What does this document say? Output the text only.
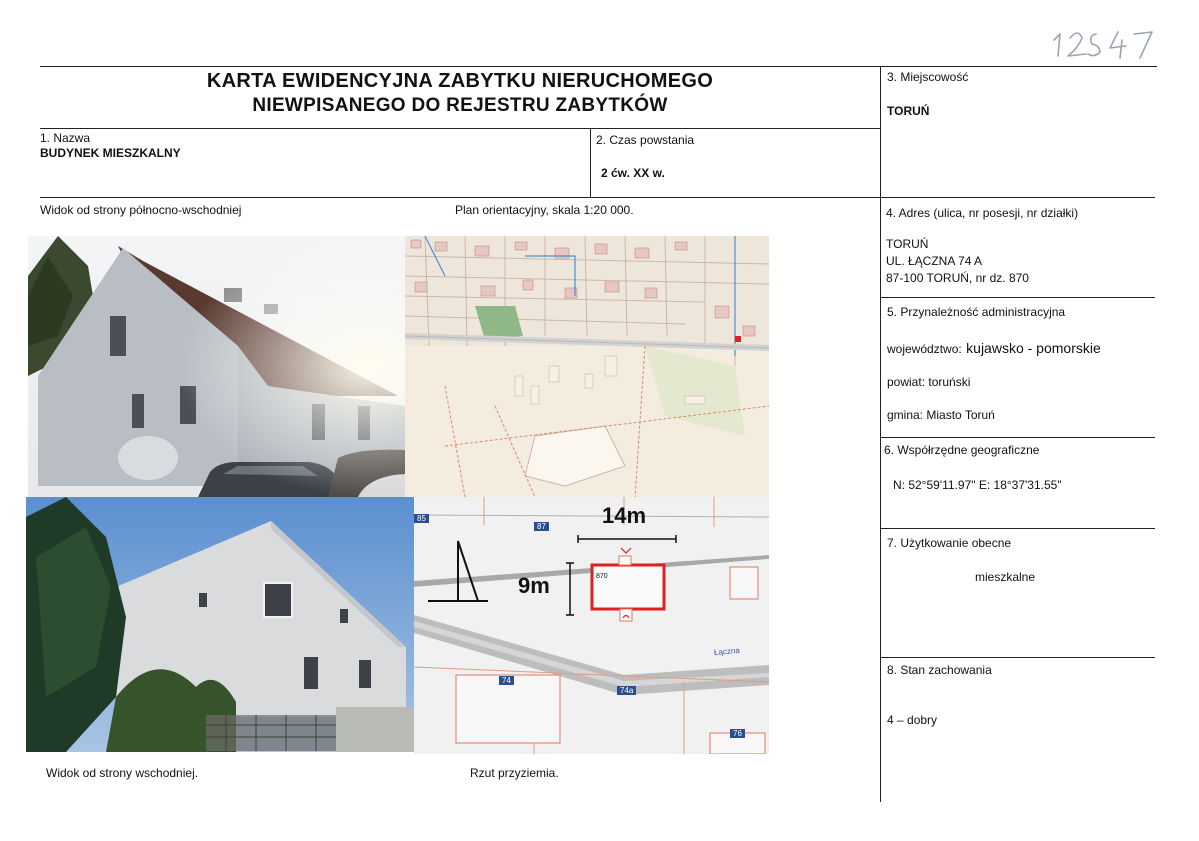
KARTA EWIDENCYJNA ZABYTKU NIERUCHOMEGO
NIEWPISANEGO DO REJESTRU ZABYTKÓW
3. Miejscowość
TORUŃ
1. Nazwa
BUDYNEK MIESZKALNY
2. Czas powstania
2 ćw. XX w.
Widok od strony północno-wschodniej	Plan orientacyjny, skala 1:20 000.	4. Adres (ulica, nr posesji, nr działki)
TORUŃ
UL. ŁĄCZNA 74 A
87-100 TORUŃ, nr dz. 870
5. Przynależność administracyjna
województwo: kujawsko - pomorskie
powiat: toruński
gmina: Miasto Toruń
6. Współrzędne geograficzne
N: 52°59'11.97" E: 18°37'31.55"
7. Użytkowanie obecne
mieszkalne
8. Stan zachowania
4 – dobry
14m
9m	870
Łączna
85
87
74
74a
76
Widok od strony wschodniej.	Rzut przyziemia.
